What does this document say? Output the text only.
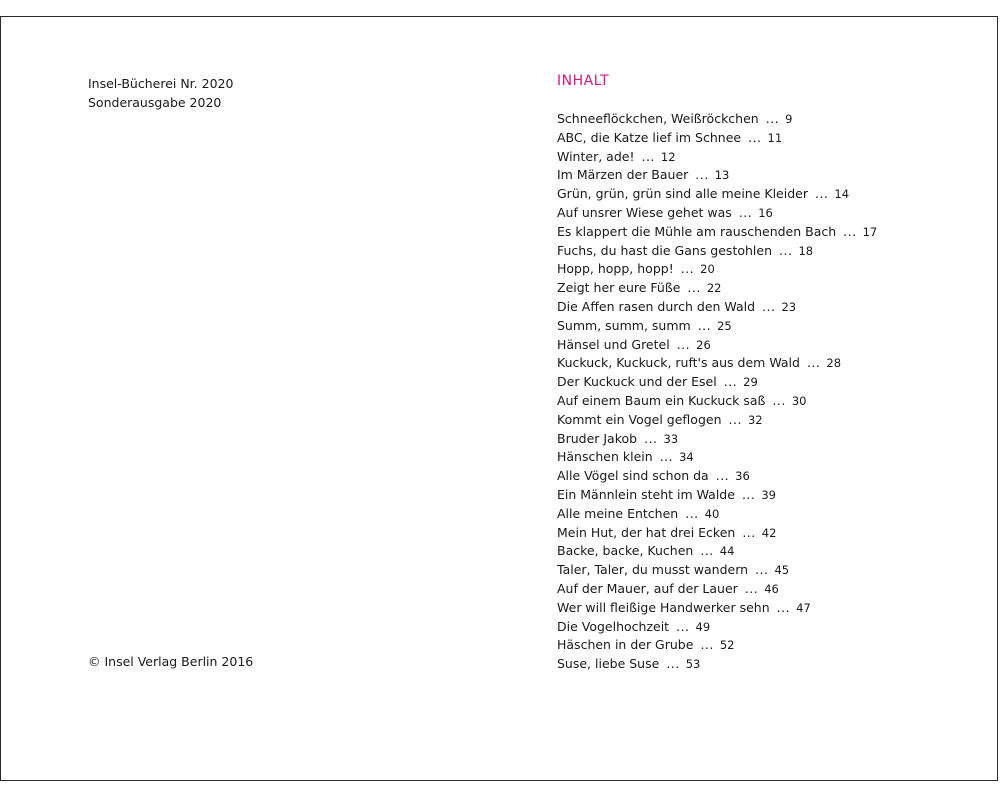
Insel-Bücherei Nr. 2020
Sonderausgabe 2020
© Insel Verlag Berlin 2016
INHALT
Schneeflöckchen, Weißröckchen ... 9
ABC, die Katze lief im Schnee ... 11
Winter, ade! ... 12
Im Märzen der Bauer ... 13
Grün, grün, grün sind alle meine Kleider ... 14
Auf unsrer Wiese gehet was ... 16
Es klappert die Mühle am rauschenden Bach ... 17
Fuchs, du hast die Gans gestohlen ... 18
Hopp, hopp, hopp! ... 20
Zeigt her eure Füße ... 22
Die Affen rasen durch den Wald ... 23
Summ, summ, summ ... 25
Hänsel und Gretel ... 26
Kuckuck, Kuckuck, ruft's aus dem Wald ... 28
Der Kuckuck und der Esel ... 29
Auf einem Baum ein Kuckuck saß ... 30
Kommt ein Vogel geflogen ... 32
Bruder Jakob ... 33
Hänschen klein ... 34
Alle Vögel sind schon da ... 36
Ein Männlein steht im Walde ... 39
Alle meine Entchen ... 40
Mein Hut, der hat drei Ecken ... 42
Backe, backe, Kuchen ... 44
Taler, Taler, du musst wandern ... 45
Auf der Mauer, auf der Lauer ... 46
Wer will fleißige Handwerker sehn ... 47
Die Vogelhochzeit ... 49
Häschen in der Grube ... 52
Suse, liebe Suse ... 53
